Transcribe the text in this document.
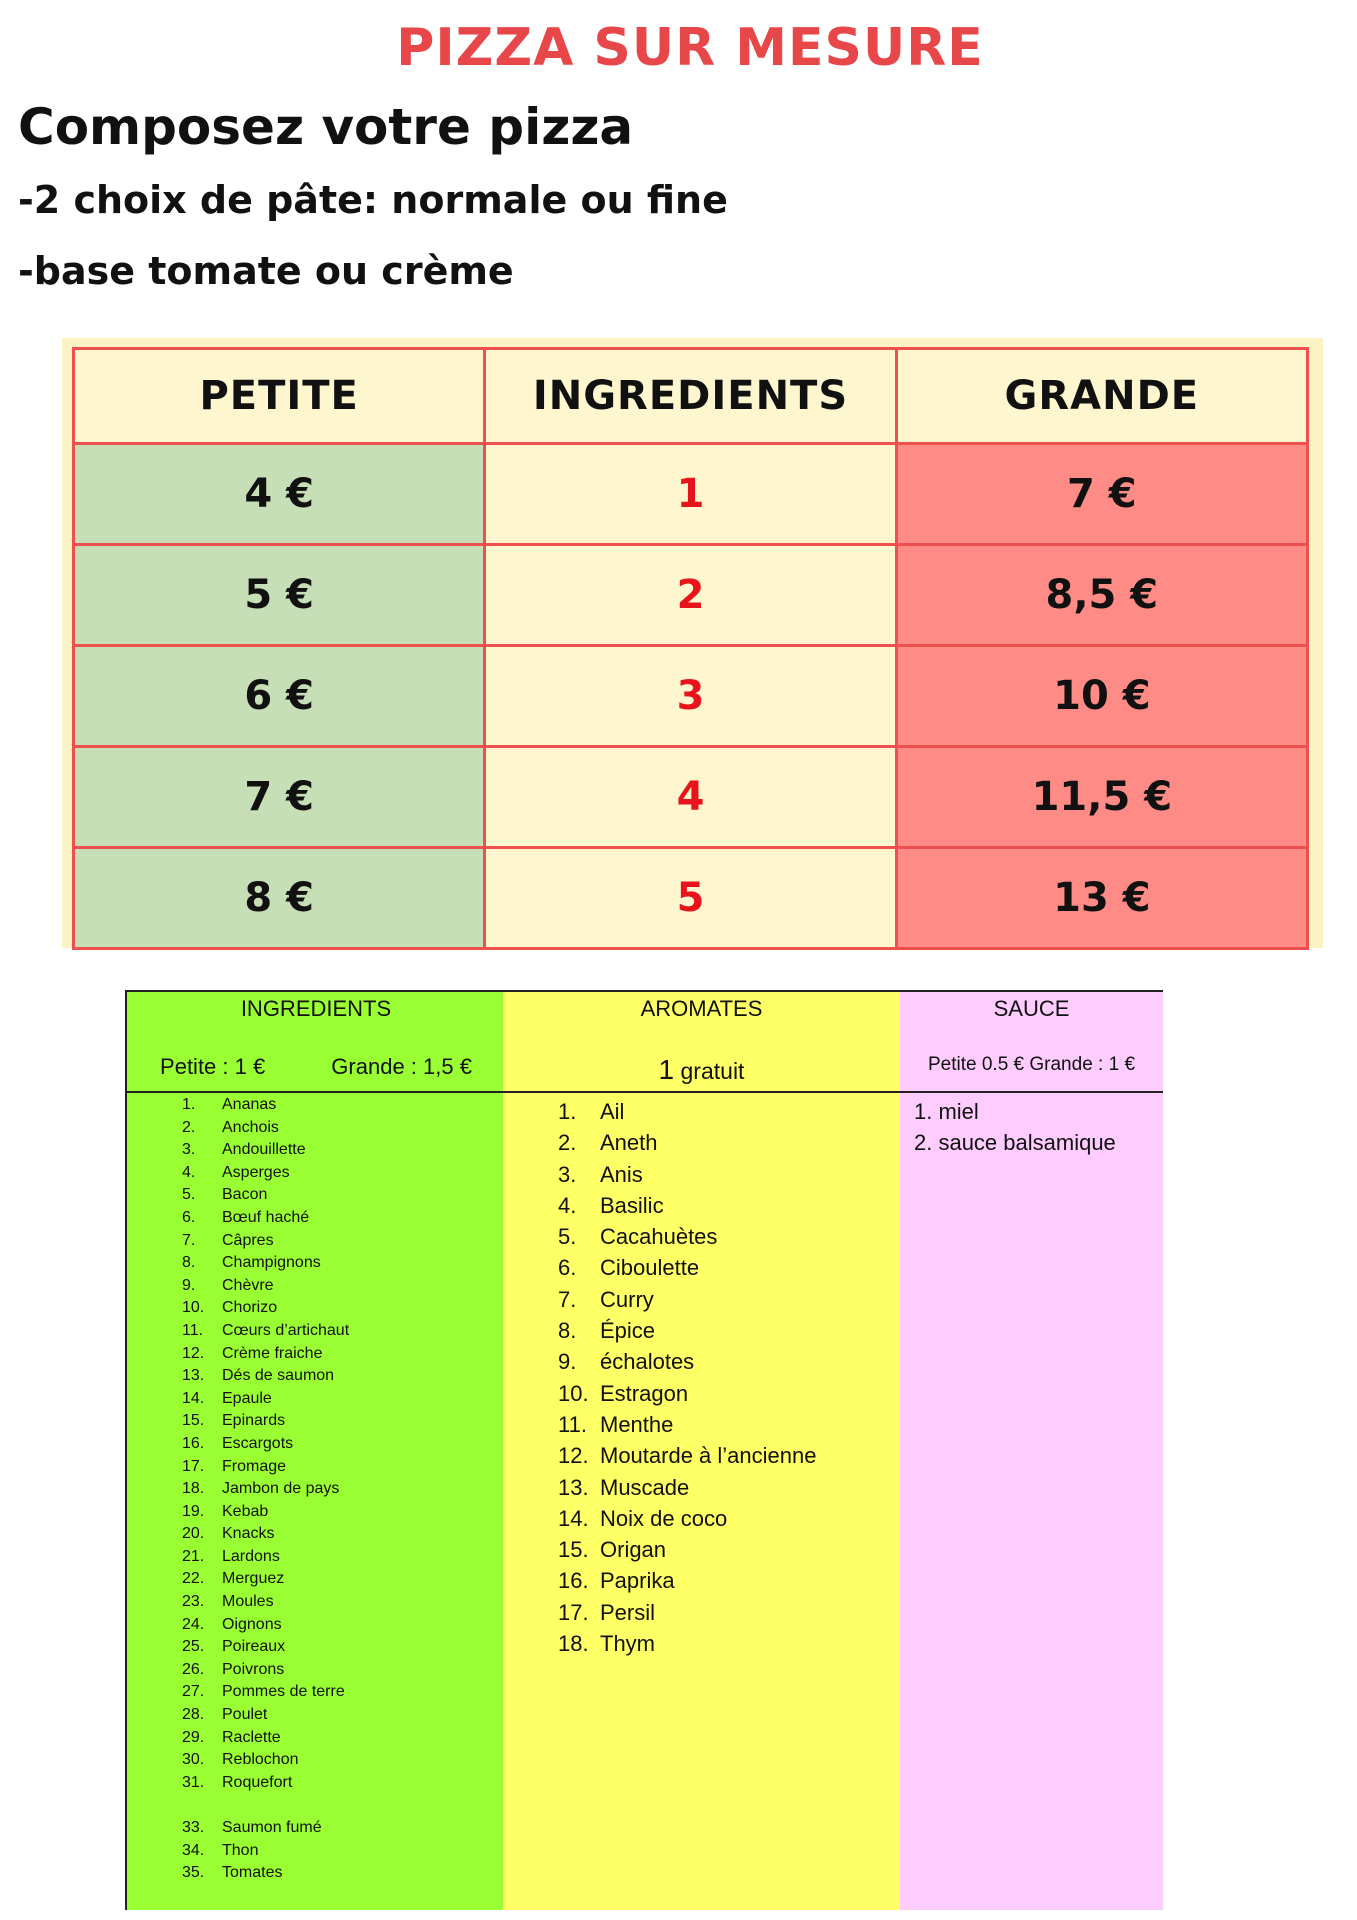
PIZZA SUR MESURE
Composez votre pizza
-2 choix de pâte: normale ou fine
-base tomate ou crème
PETITE	INGREDIENTS	GRANDE
4 €	1	7 €
5 €	2	8,5 €
6 €	3	10 €
7 €	4	11,5 €
8 €	5	13 €
INGREDIENTS
Petite : 1 €	Grande : 1,5 €
1. Ananas
2. Anchois
3. Andouillette
4. Asperges
5. Bacon
6. Bœuf haché
7. Câpres
8. Champignons
9. Chèvre
10. Chorizo
11. Cœurs d’artichaut
12. Crème fraiche
13. Dés de saumon
14. Epaule
15. Epinards
16. Escargots
17. Fromage
18. Jambon de pays
19. Kebab
20. Knacks
21. Lardons
22. Merguez
23. Moules
24. Oignons
25. Poireaux
26. Poivrons
27. Pommes de terre
28. Poulet
29. Raclette
30. Reblochon
31. Roquefort
33. Saumon fumé
34. Thon
35. Tomates
AROMATES
1 gratuit
1. Ail
2. Aneth
3. Anis
4. Basilic
5. Cacahuètes
6. Ciboulette
7. Curry
8. Épice
9. échalotes
10. Estragon
11. Menthe
12. Moutarde à l’ancienne
13. Muscade
14. Noix de coco
15. Origan
16. Paprika
17. Persil
18. Thym
SAUCE
Petite 0.5 € Grande : 1 €
1. miel
2. sauce balsamique
